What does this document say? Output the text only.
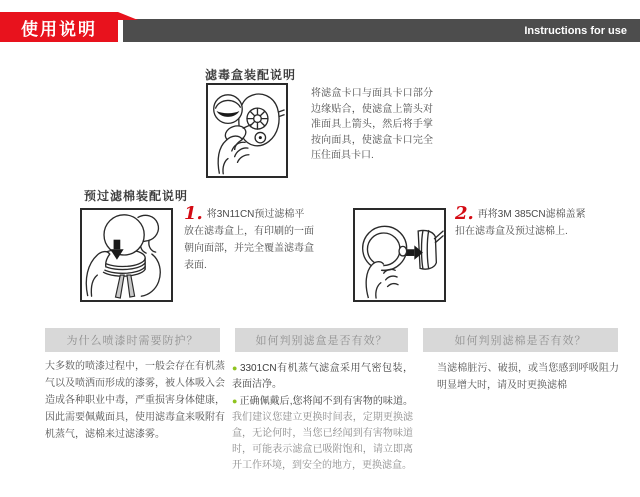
使用说明	Instructions for use
滤毒盒装配说明
将滤盒卡口与面具卡口部分边缘贴合，使滤盒上箭头对准面具上箭头，然后将手掌按向面具，使滤盒卡口完全压住面具卡口.
预过滤棉装配说明
1. 将3N11CN预过滤棉平放在滤毒盒上，有印刷的一面朝向面部，并完全覆盖滤毒盒表面.
2. 再将3M 385CN滤棉盖紧扣在滤毒盒及预过滤棉上.
为什么喷漆时需要防护？	如何判别滤盒是否有效？	如何判别滤棉是否有效？
大多数的喷漆过程中，一般会存在有机蒸气以及喷洒而形成的漆雾，被人体吸入会造成各种职业中毒，严重损害身体健康，因此需要佩戴面具，使用滤毒盒来吸附有机蒸气，滤棉来过滤漆雾。
● 3301CN有机蒸气滤盒采用气密包装，表面洁净。
● 正确佩戴后,您将闻不到有害物的味道。我们建议您建立更换时间表，定期更换滤盒，无论何时，当您已经闻到有害物味道时，可能表示滤盒已吸附饱和，请立即离开工作环境，到安全的地方，更换滤盒。
当滤棉脏污、破损，或当您感到呼吸阻力明显增大时，请及时更换滤棉
